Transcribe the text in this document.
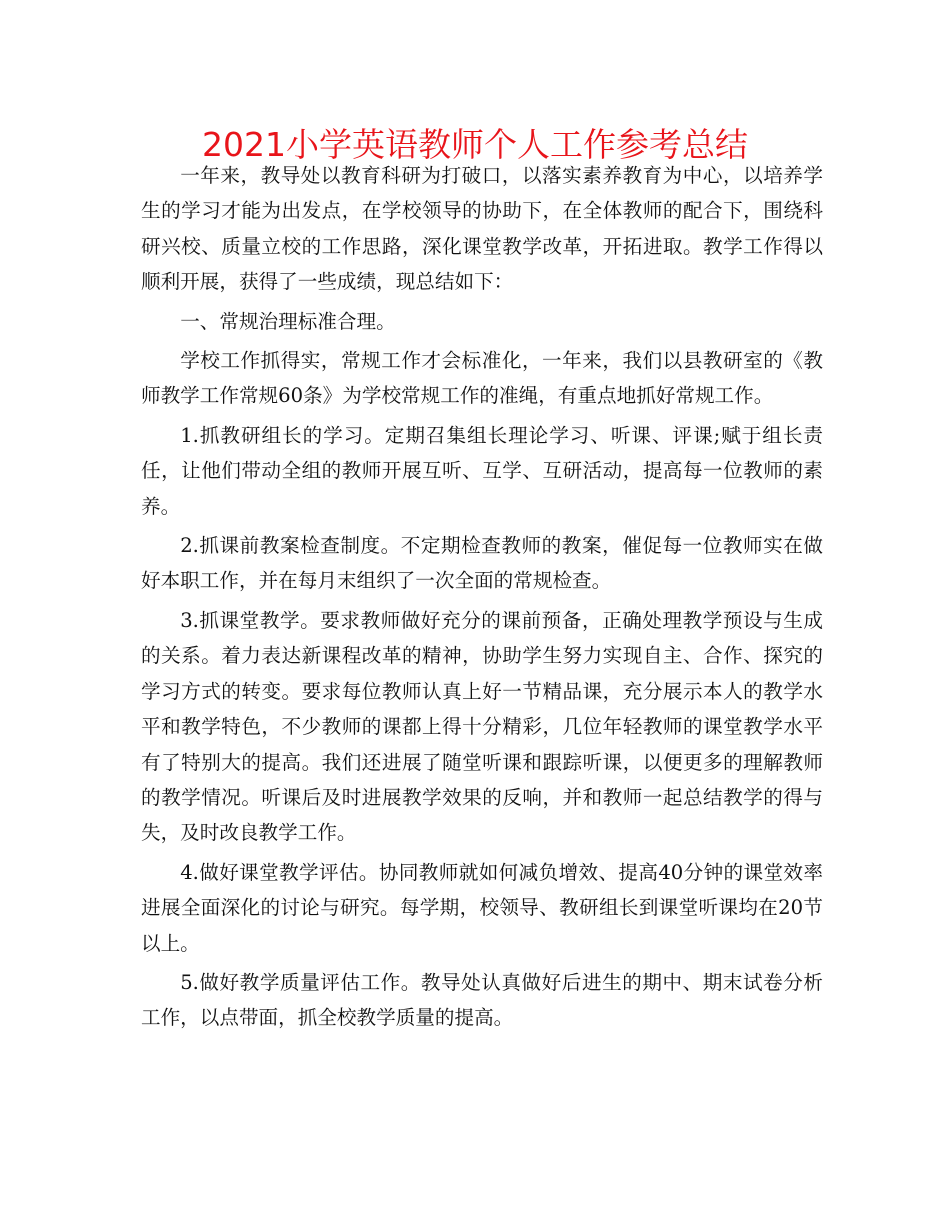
2021小学英语教师个人工作参考总结

一年来，教导处以教育科研为打破口，以落实素养教育为中心，以培养学生的学习才能为出发点，在学校领导的协助下，在全体教师的配合下，围绕科研兴校、质量立校的工作思路，深化课堂教学改革，开拓进取。教学工作得以顺利开展，获得了一些成绩，现总结如下：

一、常规治理标准合理。

学校工作抓得实，常规工作才会标准化，一年来，我们以县教研室的《教师教学工作常规60条》为学校常规工作的准绳，有重点地抓好常规工作。

1.抓教研组长的学习。定期召集组长理论学习、听课、评课;赋于组长责任，让他们带动全组的教师开展互听、互学、互研活动，提高每一位教师的素养。

2.抓课前教案检查制度。不定期检查教师的教案，催促每一位教师实在做好本职工作，并在每月末组织了一次全面的常规检查。

3.抓课堂教学。要求教师做好充分的课前预备，正确处理教学预设与生成的关系。着力表达新课程改革的精神，协助学生努力实现自主、合作、探究的学习方式的转变。要求每位教师认真上好一节精品课，充分展示本人的教学水平和教学特色，不少教师的课都上得十分精彩，几位年轻教师的课堂教学水平有了特别大的提高。我们还进展了随堂听课和跟踪听课，以便更多的理解教师的教学情况。听课后及时进展教学效果的反响，并和教师一起总结教学的得与失，及时改良教学工作。

4.做好课堂教学评估。协同教师就如何减负增效、提高40分钟的课堂效率进展全面深化的讨论与研究。每学期，校领导、教研组长到课堂听课均在20节以上。

5.做好教学质量评估工作。教导处认真做好后进生的期中、期末试卷分析工作，以点带面，抓全校教学质量的提高。
